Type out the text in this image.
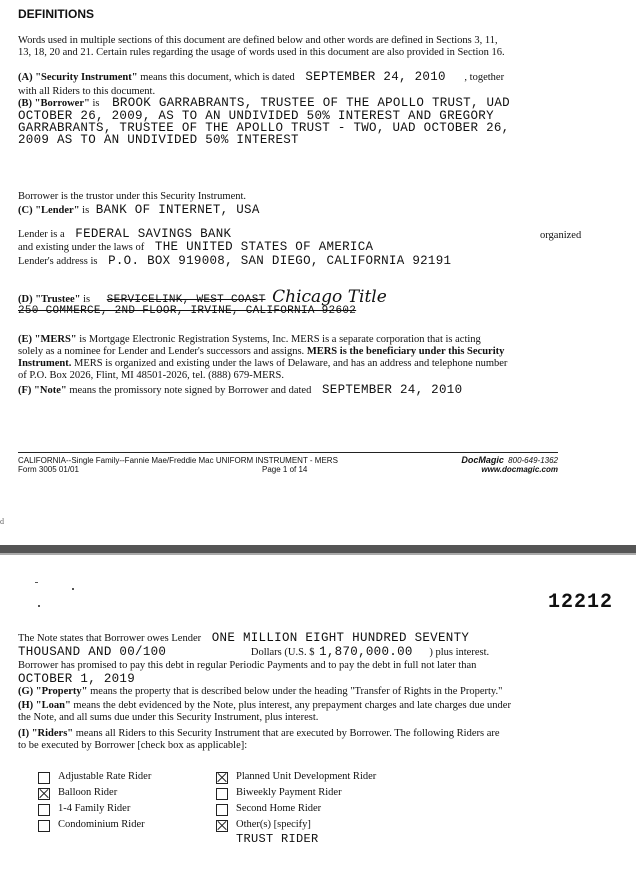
DEFINITIONS
Words used in multiple sections of this document are defined below and other words are defined in Sections 3, 11,
13, 18, 20 and 21. Certain rules regarding the usage of words used in this document are also provided in Section 16.
(A) "Security Instrument" means this document, which is dated SEPTEMBER 24, 2010 , together
with all Riders to this document.
(B) "Borrower" is BROOK GARRABRANTS, TRUSTEE OF THE APOLLO TRUST, UAD
OCTOBER 26, 2009, AS TO AN UNDIVIDED 50% INTEREST AND GREGORY
GARRABRANTS, TRUSTEE OF THE APOLLO TRUST - TWO, UAD OCTOBER 26,
2009 AS TO AN UNDIVIDED 50% INTEREST
Borrower is the trustor under this Security Instrument.
(C) "Lender" is BANK OF INTERNET, USA
Lender is a FEDERAL SAVINGS BANK	organized
and existing under the laws of THE UNITED STATES OF AMERICA
Lender's address is P.O. BOX 919008, SAN DIEGO, CALIFORNIA 92191
(D) "Trustee" is SERVICELINK, WEST COAST Chicago Title
250 COMMERCE, 2ND FLOOR, IRVINE, CALIFORNIA 92602
(E) "MERS" is Mortgage Electronic Registration Systems, Inc. MERS is a separate corporation that is acting
solely as a nominee for Lender and Lender's successors and assigns. MERS is the beneficiary under this Security
Instrument. MERS is organized and existing under the laws of Delaware, and has an address and telephone number
of P.O. Box 2026, Flint, MI 48501-2026, tel. (888) 679-MERS.
(F) "Note" means the promissory note signed by Borrower and dated SEPTEMBER 24, 2010
CALIFORNIA--Single Family--Fannie Mae/Freddie Mac UNIFORM INSTRUMENT - MERS
Form 3005 01/01	Page 1 of 14
DocMagic 800-649-1362
www.docmagic.com
d
12212
The Note states that Borrower owes Lender ONE MILLION EIGHT HUNDRED SEVENTY
THOUSAND AND 00/100	Dollars (U.S. $ 1,870,000.00 ) plus interest.
Borrower has promised to pay this debt in regular Periodic Payments and to pay the debt in full not later than
OCTOBER 1, 2019
(G) "Property" means the property that is described below under the heading "Transfer of Rights in the Property."
(H) "Loan" means the debt evidenced by the Note, plus interest, any prepayment charges and late charges due under
the Note, and all sums due under this Security Instrument, plus interest.
(I) "Riders" means all Riders to this Security Instrument that are executed by Borrower. The following Riders are
to be executed by Borrower [check box as applicable]:
Adjustable Rate Rider
Balloon Rider
1-4 Family Rider
Condominium Rider
Planned Unit Development Rider
Biweekly Payment Rider
Second Home Rider
Other(s) [specify]
TRUST RIDER
